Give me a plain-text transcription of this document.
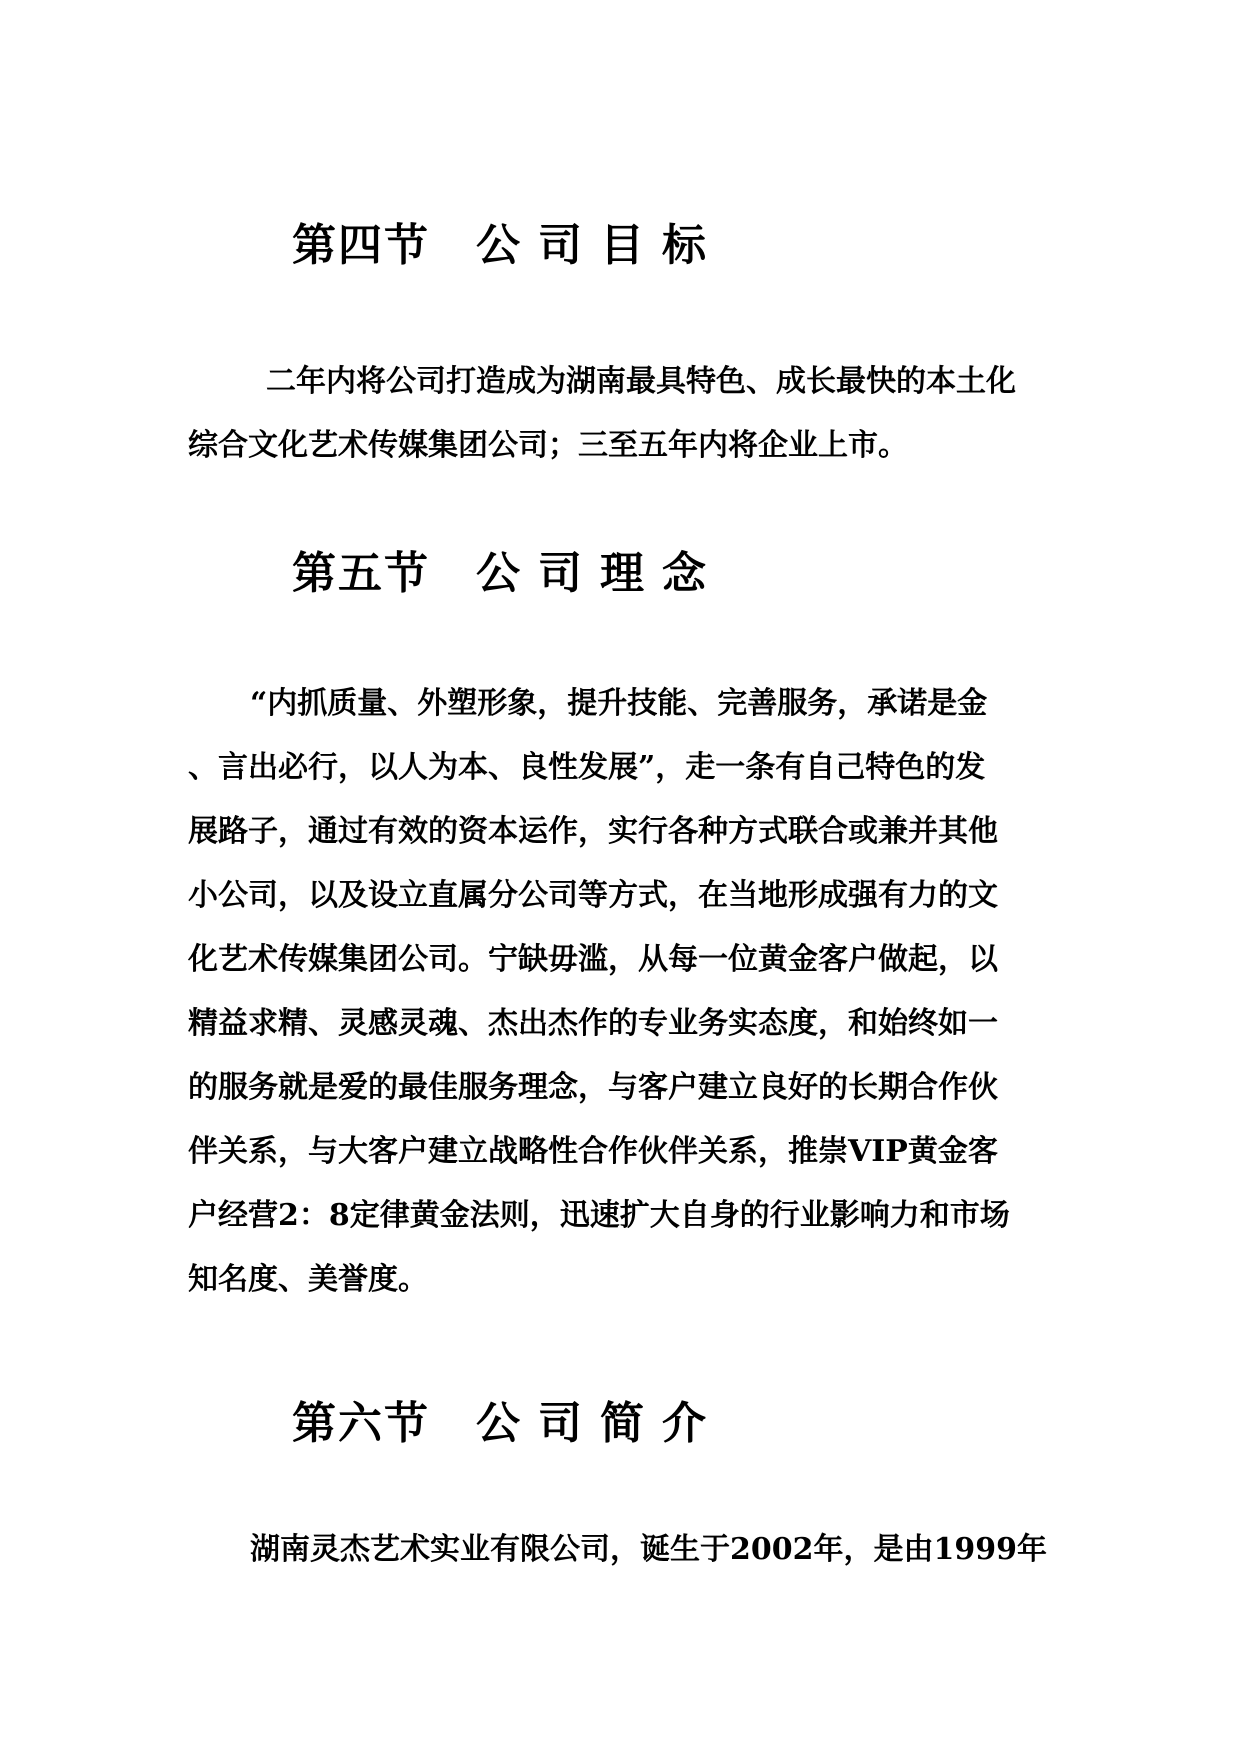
第四节 公司目标
二年内将公司打造成为湖南最具特色、成长最快的本土化
综合文化艺术传媒集团公司；三至五年内将企业上市。
第五节 公司理念
“内抓质量、外塑形象，提升技能、完善服务，承诺是金
、言出必行，以人为本、良性发展”，走一条有自己特色的发
展路子，通过有效的资本运作，实行各种方式联合或兼并其他
小公司，以及设立直属分公司等方式，在当地形成强有力的文
化艺术传媒集团公司。宁缺毋滥，从每一位黄金客户做起，以
精益求精、灵感灵魂、杰出杰作的专业务实态度，和始终如一
的服务就是爱的最佳服务理念，与客户建立良好的长期合作伙
伴关系，与大客户建立战略性合作伙伴关系，推崇VIP黄金客
户经营2：8定律黄金法则，迅速扩大自身的行业影响力和市场
知名度、美誉度。
第六节 公司简介
湖南灵杰艺术实业有限公司，诞生于2002年，是由1999年
